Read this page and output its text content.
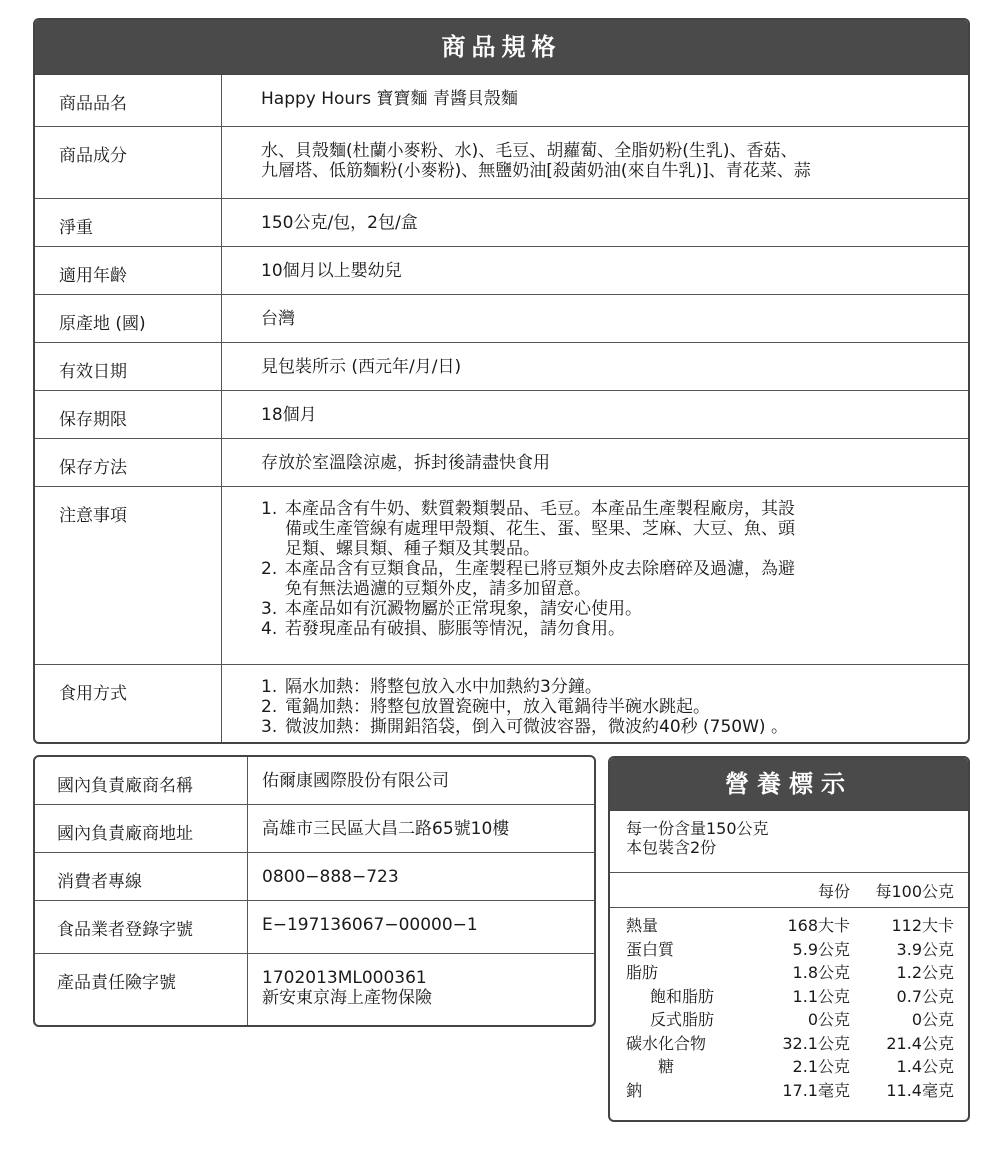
商品規格
商品品名	Happy Hours 寶寶麵 青醬貝殼麵
商品成分	水、貝殼麵(杜蘭小麥粉、水)、毛豆、胡蘿蔔、全脂奶粉(生乳)、香菇、
九層塔、低筋麵粉(小麥粉)、無鹽奶油[殺菌奶油(來自牛乳)]、青花菜、蒜
淨重	150公克/包，2包/盒
適用年齡	10個月以上嬰幼兒
原產地 (國)	台灣
有效日期	見包裝所示 (西元年/月/日)
保存期限	18個月
保存方法	存放於室溫陰涼處，拆封後請盡快食用
注意事項	1. 本產品含有牛奶、麩質穀類製品、毛豆。本產品生產製程廠房，其設
備或生產管線有處理甲殼類、花生、蛋、堅果、芝麻、大豆、魚、頭
足類、螺貝類、種子類及其製品。
2. 本產品含有豆類食品，生產製程已將豆類外皮去除磨碎及過濾，為避
免有無法過濾的豆類外皮，請多加留意。
3. 本產品如有沉澱物屬於正常現象，請安心使用。
4. 若發現產品有破損、膨脹等情況，請勿食用。
食用方式	1. 隔水加熱：將整包放入水中加熱約3分鐘。
2. 電鍋加熱：將整包放置瓷碗中，放入電鍋待半碗水跳起。
3. 微波加熱：撕開鋁箔袋，倒入可微波容器，微波約40秒 (750W) 。
國內負責廠商名稱	佑爾康國際股份有限公司
國內負責廠商地址	高雄市三民區大昌二路65號10樓
消費者專線	0800−888−723
食品業者登錄字號	E−197136067−00000−1
產品責任險字號	1702013ML000361
新安東京海上產物保險
營養標示
每一份含量150公克
本包裝含2份
每份	每100公克
熱量	168大卡	112大卡
蛋白質	5.9公克	3.9公克
脂肪	1.8公克	1.2公克
飽和脂肪	1.1公克	0.7公克
反式脂肪	0公克	0公克
碳水化合物	32.1公克	21.4公克
糖	2.1公克	1.4公克
鈉	17.1毫克	11.4毫克
